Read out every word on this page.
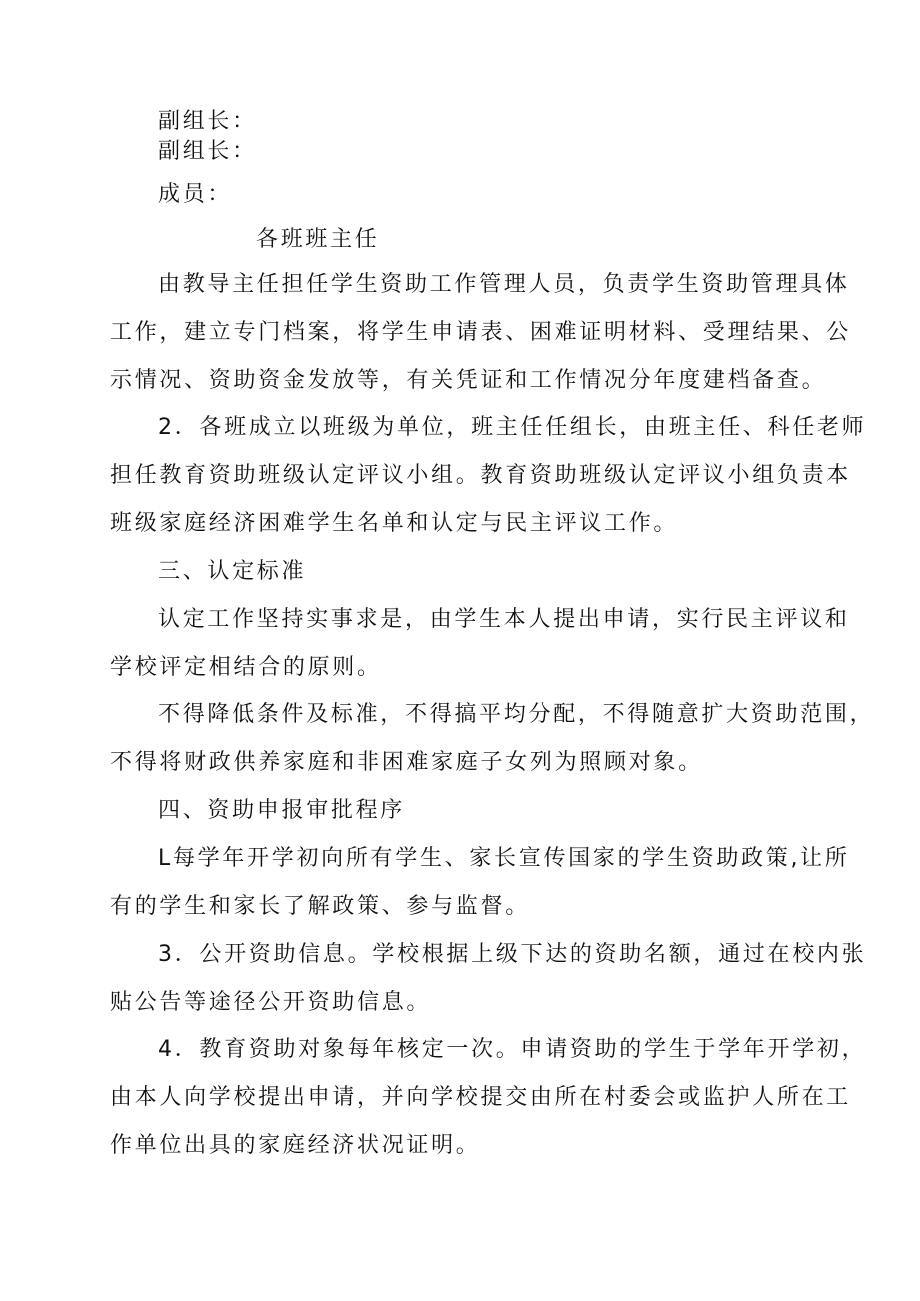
副组长：

副组长：

成员：

各班班主任

由教导主任担任学生资助工作管理人员，负责学生资助管理具体

工作，建立专门档案，将学生申请表、困难证明材料、受理结果、公

示情况、资助资金发放等，有关凭证和工作情况分年度建档备查。

2．各班成立以班级为单位，班主任任组长，由班主任、科任老师

担任教育资助班级认定评议小组。教育资助班级认定评议小组负责本

班级家庭经济困难学生名单和认定与民主评议工作。

三、认定标准

认定工作坚持实事求是，由学生本人提出申请，实行民主评议和

学校评定相结合的原则。

不得降低条件及标准，不得搞平均分配，不得随意扩大资助范围，

不得将财政供养家庭和非困难家庭子女列为照顾对象。

四、资助申报审批程序

L每学年开学初向所有学生、家长宣传国家的学生资助政策,让所

有的学生和家长了解政策、参与监督。

3．公开资助信息。学校根据上级下达的资助名额，通过在校内张

贴公告等途径公开资助信息。

4．教育资助对象每年核定一次。申请资助的学生于学年开学初，

由本人向学校提出申请，并向学校提交由所在村委会或监护人所在工

作单位出具的家庭经济状况证明。
